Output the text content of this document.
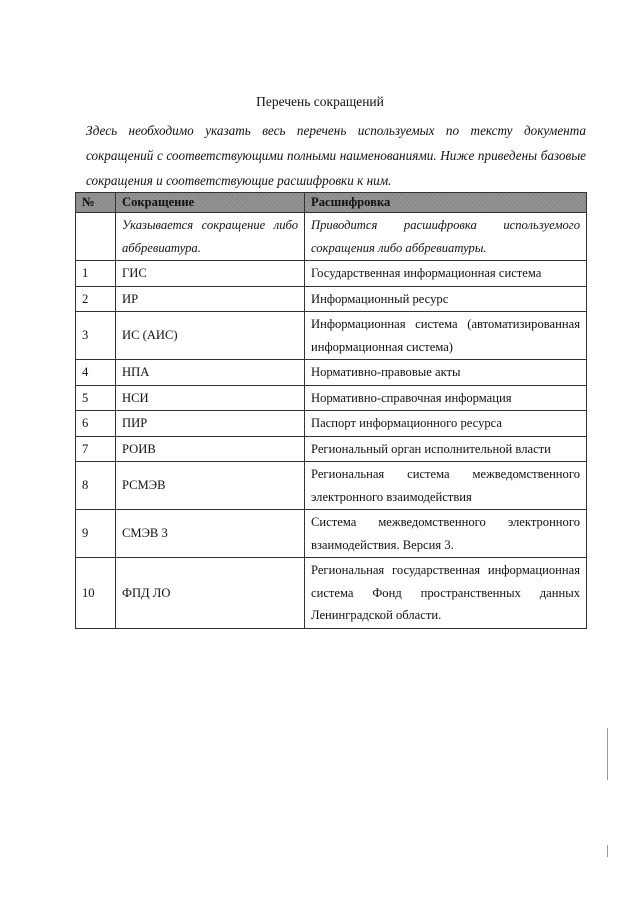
Перечень сокращений
Здесь необходимо указать весь перечень используемых по тексту документа сокращений с соответствующими полными наименованиями. Ниже приведены базовые сокращения и соответствующие расшифровки к ним.
№	Сокращение	Расшифровка
	Указывается сокращение либо аббревиатура.	Приводится расшифровка используемого сокращения либо аббревиатуры.
1	ГИС	Государственная информационная система
2	ИР	Информационный ресурс
3	ИС (АИС)	Информационная система (автоматизированная информационная система)
4	НПА	Нормативно-правовые акты
5	НСИ	Нормативно-справочная информация
6	ПИР	Паспорт информационного ресурса
7	РОИВ	Региональный орган исполнительной власти
8	РСМЭВ	Региональная система межведомственного электронного взаимодействия
9	СМЭВ 3	Система межведомственного электронного взаимодействия. Версия 3.
10	ФПД ЛО	Региональная государственная информационная система Фонд пространственных данных Ленинградской области.
